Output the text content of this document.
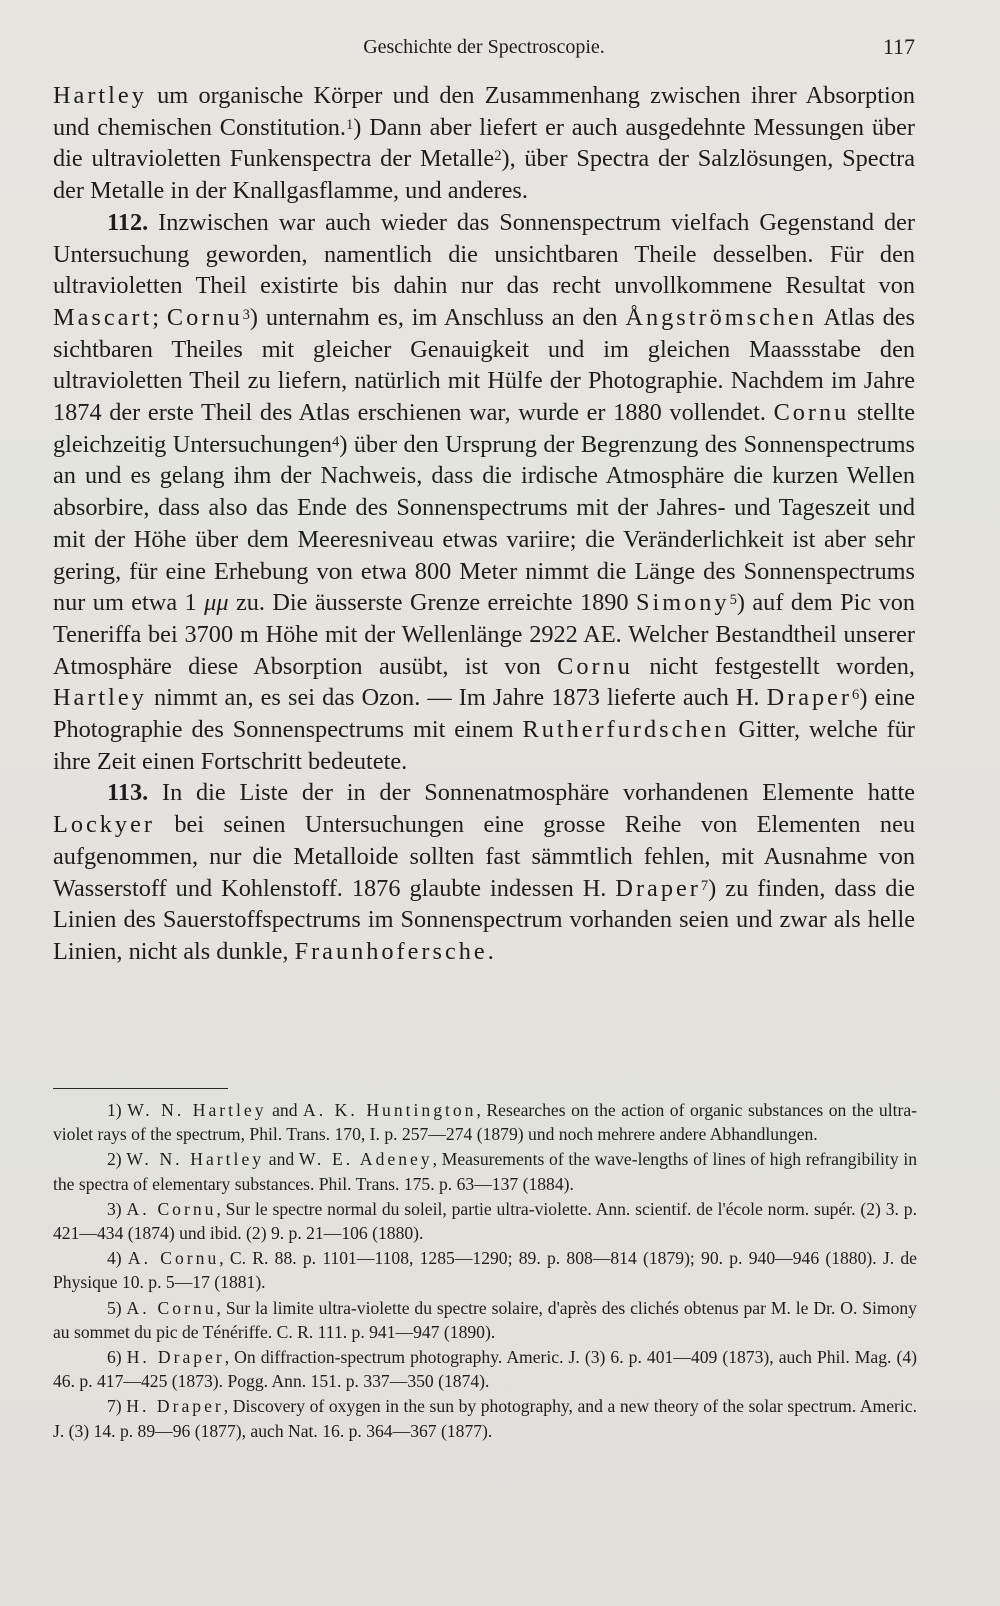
Geschichte der Spectroscopie.	117

Hartley um organische Körper und den Zusammenhang zwischen ihrer Absorption und chemischen Constitution.$^1$) Dann aber liefert er auch ausgedehnte Messungen über die ultravioletten Funkenspectra der Metalle$^2$), über Spectra der Salzlösungen, Spectra der Metalle in der Knallgasflamme, und anderes.

112. Inzwischen war auch wieder das Sonnenspectrum vielfach Gegenstand der Untersuchung geworden, namentlich die unsichtbaren Theile desselben. Für den ultravioletten Theil existirte bis dahin nur das recht unvollkommene Resultat von Mascart; Cornu$^3$) unternahm es, im Anschluss an den Ångströmschen Atlas des sichtbaren Theiles mit gleicher Genauigkeit und im gleichen Maassstabe den ultravioletten Theil zu liefern, natürlich mit Hülfe der Photographie. Nachdem im Jahre 1874 der erste Theil des Atlas erschienen war, wurde er 1880 vollendet. Cornu stellte gleichzeitig Untersuchungen$^4$) über den Ursprung der Begrenzung des Sonnenspectrums an und es gelang ihm der Nachweis, dass die irdische Atmosphäre die kurzen Wellen absorbire, dass also das Ende des Sonnenspectrums mit der Jahres- und Tageszeit und mit der Höhe über dem Meeresniveau etwas variire; die Veränderlichkeit ist aber sehr gering, für eine Erhebung von etwa 800 Meter nimmt die Länge des Sonnenspectrums nur um etwa 1 μμ zu. Die äusserste Grenze erreichte 1890 Simony$^5$) auf dem Pic von Teneriffa bei 3700 m Höhe mit der Wellenlänge 2922 AE. Welcher Bestandtheil unserer Atmosphäre diese Absorption ausübt, ist von Cornu nicht festgestellt worden, Hartley nimmt an, es sei das Ozon. — Im Jahre 1873 lieferte auch H. Draper$^6$) eine Photographie des Sonnenspectrums mit einem Rutherfurdschen Gitter, welche für ihre Zeit einen Fortschritt bedeutete.

113. In die Liste der in der Sonnenatmosphäre vorhandenen Elemente hatte Lockyer bei seinen Untersuchungen eine grosse Reihe von Elementen neu aufgenommen, nur die Metalloide sollten fast sämmtlich fehlen, mit Ausnahme von Wasserstoff und Kohlenstoff. 1876 glaubte indessen H. Draper$^7$) zu finden, dass die Linien des Sauerstoffspectrums im Sonnenspectrum vorhanden seien und zwar als helle Linien, nicht als dunkle, Fraunhofersche.

1) W. N. Hartley and A. K. Huntington, Researches on the action of organic substances on the ultra-violet rays of the spectrum, Phil. Trans. 170, I. p. 257—274 (1879) und noch mehrere andere Abhandlungen.

2) W. N. Hartley and W. E. Adeney, Measurements of the wave-lengths of lines of high refrangibility in the spectra of elementary substances. Phil. Trans. 175. p. 63—137 (1884).

3) A. Cornu, Sur le spectre normal du soleil, partie ultra-violette. Ann. scientif. de l'école norm. supér. (2) 3. p. 421—434 (1874) und ibid. (2) 9. p. 21—106 (1880).

4) A. Cornu, C. R. 88. p. 1101—1108, 1285—1290; 89. p. 808—814 (1879); 90. p. 940—946 (1880). J. de Physique 10. p. 5—17 (1881).

5) A. Cornu, Sur la limite ultra-violette du spectre solaire, d'après des clichés obtenus par M. le Dr. O. Simony au sommet du pic de Ténériffe. C. R. 111. p. 941—947 (1890).

6) H. Draper, On diffraction-spectrum photography. Americ. J. (3) 6. p. 401—409 (1873), auch Phil. Mag. (4) 46. p. 417—425 (1873). Pogg. Ann. 151. p. 337—350 (1874).

7) H. Draper, Discovery of oxygen in the sun by photography, and a new theory of the solar spectrum. Americ. J. (3) 14. p. 89—96 (1877), auch Nat. 16. p. 364—367 (1877).
